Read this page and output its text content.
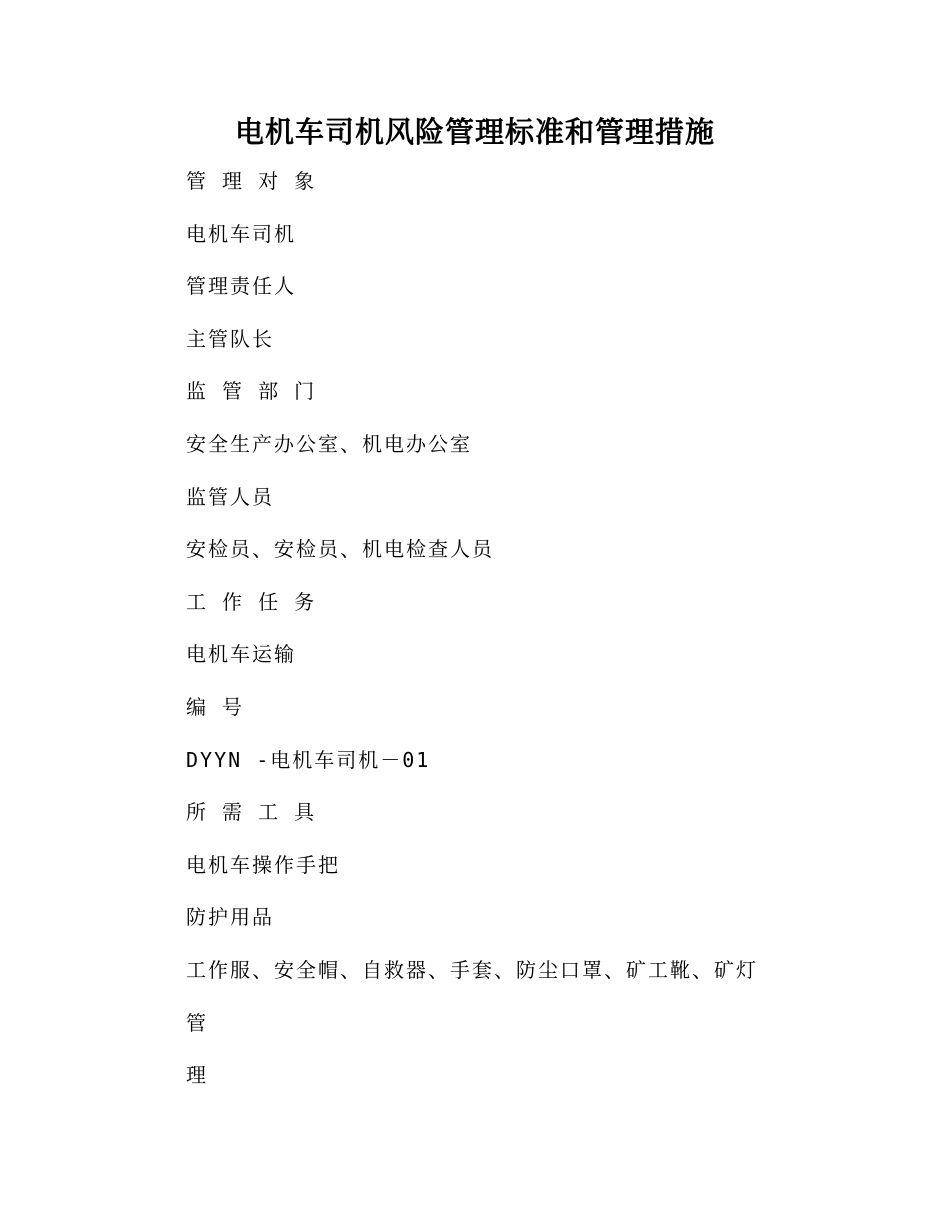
电机车司机风险管理标准和管理措施
管 理 对 象
电机车司机
管理责任人
主管队长
监 管 部 门
安全生产办公室、机电办公室
监管人员
安检员、安检员、机电检查人员
工 作 任 务
电机车运输
编 号
DYYN -电机车司机－01
所 需 工 具
电机车操作手把
防护用品
工作服、安全帽、自救器、手套、防尘口罩、矿工靴、矿灯
管
理
